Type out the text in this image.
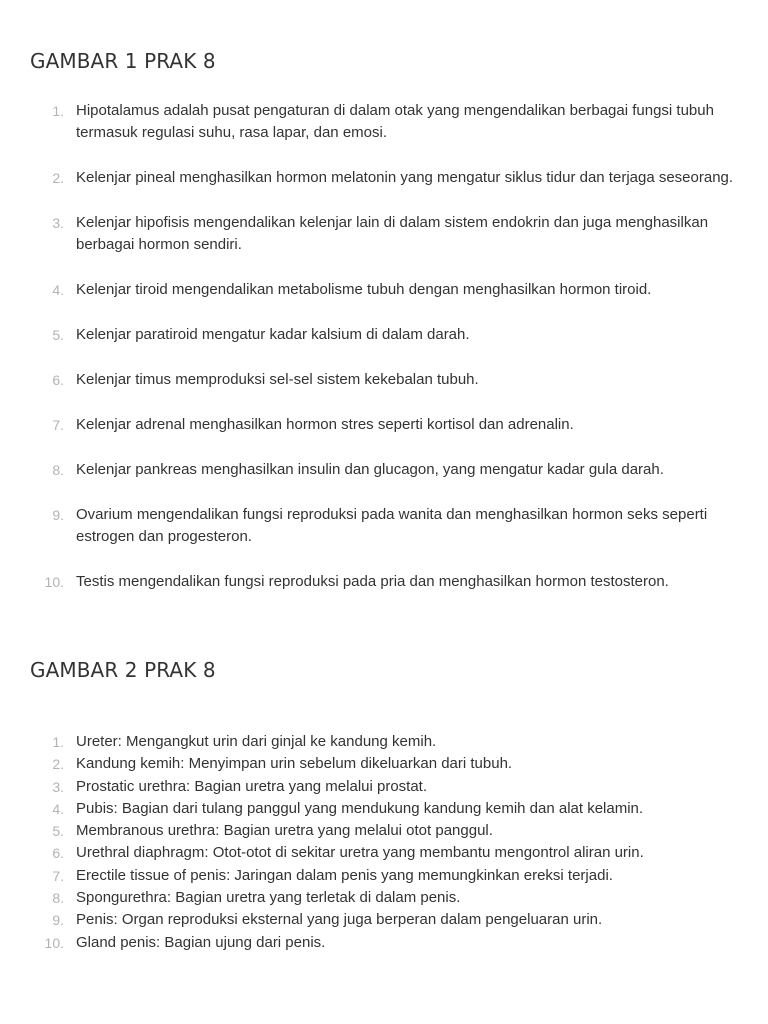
GAMBAR 1 PRAK 8
1. Hipotalamus adalah pusat pengaturan di dalam otak yang mengendalikan berbagai fungsi tubuh termasuk regulasi suhu, rasa lapar, dan emosi.
2. Kelenjar pineal menghasilkan hormon melatonin yang mengatur siklus tidur dan terjaga seseorang.
3. Kelenjar hipofisis mengendalikan kelenjar lain di dalam sistem endokrin dan juga menghasilkan berbagai hormon sendiri.
4. Kelenjar tiroid mengendalikan metabolisme tubuh dengan menghasilkan hormon tiroid.
5. Kelenjar paratiroid mengatur kadar kalsium di dalam darah.
6. Kelenjar timus memproduksi sel-sel sistem kekebalan tubuh.
7. Kelenjar adrenal menghasilkan hormon stres seperti kortisol dan adrenalin.
8. Kelenjar pankreas menghasilkan insulin dan glucagon, yang mengatur kadar gula darah.
9. Ovarium mengendalikan fungsi reproduksi pada wanita dan menghasilkan hormon seks seperti estrogen dan progesteron.
10. Testis mengendalikan fungsi reproduksi pada pria dan menghasilkan hormon testosteron.
GAMBAR 2 PRAK 8
1. Ureter: Mengangkut urin dari ginjal ke kandung kemih.
2. Kandung kemih: Menyimpan urin sebelum dikeluarkan dari tubuh.
3. Prostatic urethra: Bagian uretra yang melalui prostat.
4. Pubis: Bagian dari tulang panggul yang mendukung kandung kemih dan alat kelamin.
5. Membranous urethra: Bagian uretra yang melalui otot panggul.
6. Urethral diaphragm: Otot-otot di sekitar uretra yang membantu mengontrol aliran urin.
7. Erectile tissue of penis: Jaringan dalam penis yang memungkinkan ereksi terjadi.
8. Spongurethra: Bagian uretra yang terletak di dalam penis.
9. Penis: Organ reproduksi eksternal yang juga berperan dalam pengeluaran urin.
10. Gland penis: Bagian ujung dari penis.
